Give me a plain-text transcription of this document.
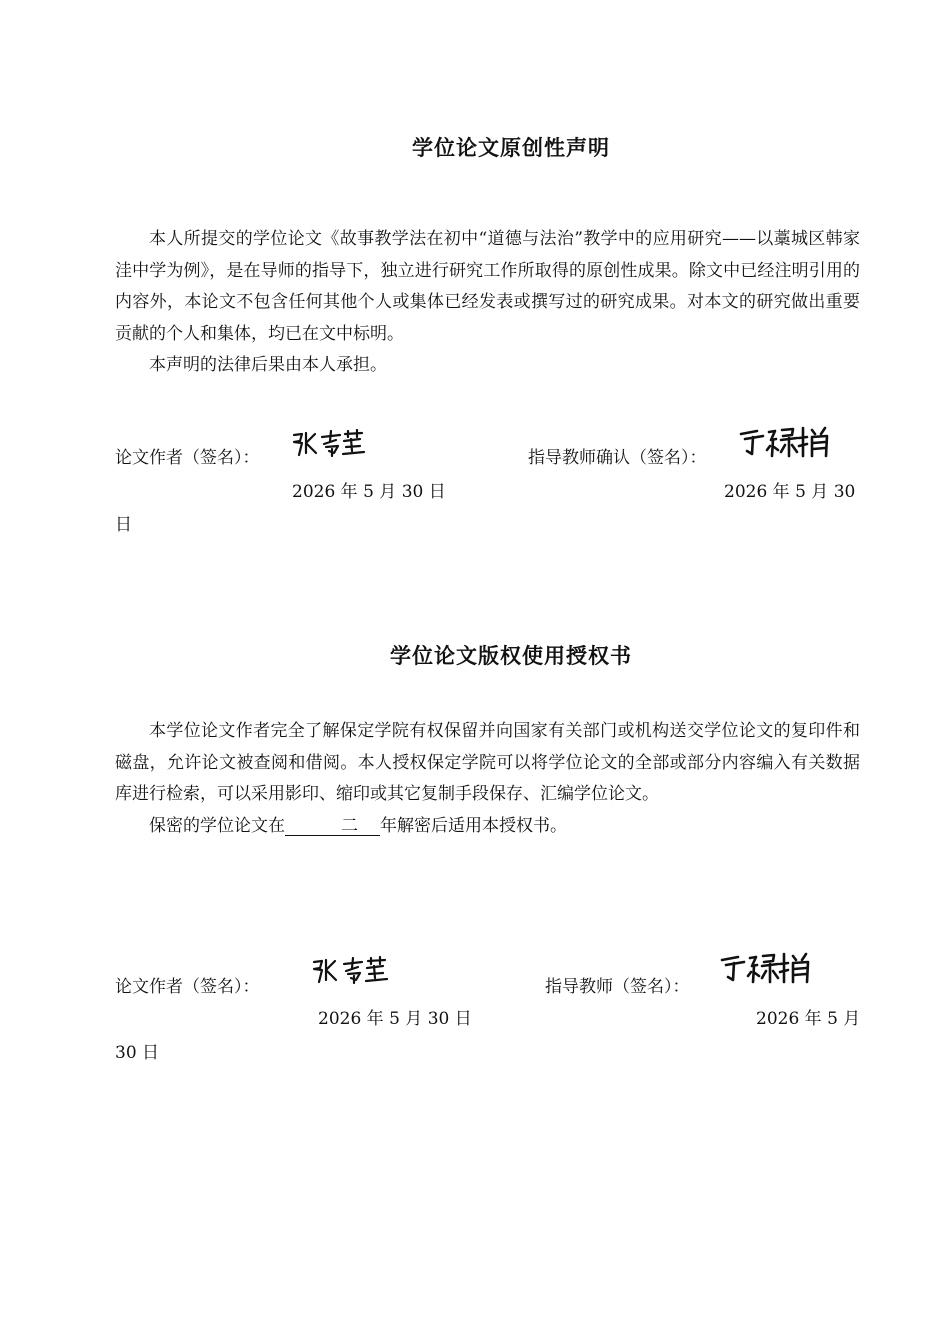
学位论文原创性声明

本人所提交的学位论文《故事教学法在初中“道德与法治”教学中的应用研究——以藁城区韩家洼中学为例》，是在导师的指导下，独立进行研究工作所取得的原创性成果。除文中已经注明引用的内容外，本论文不包含任何其他个人或集体已经发表或撰写过的研究成果。对本文的研究做出重要贡献的个人和集体，均已在文中标明。

本声明的法律后果由本人承担。

论文作者（签名）：	指导教师确认（签名）：
2026 年 5 月 30 日	2026 年 5 月 30
日
学位论文版权使用授权书

本学位论文作者完全了解保定学院有权保留并向国家有关部门或机构送交学位论文的复印件和磁盘，允许论文被查阅和借阅。本人授权保定学院可以将学位论文的全部或部分内容编入有关数据库进行检索，可以采用影印、缩印或其它复制手段保存、汇编学位论文。

保密的学位论文在	二 年解密后适用本授权书。

论文作者（签名）：	指导教师（签名）：
2026 年 5 月 30 日	2026 年 5 月
30 日
